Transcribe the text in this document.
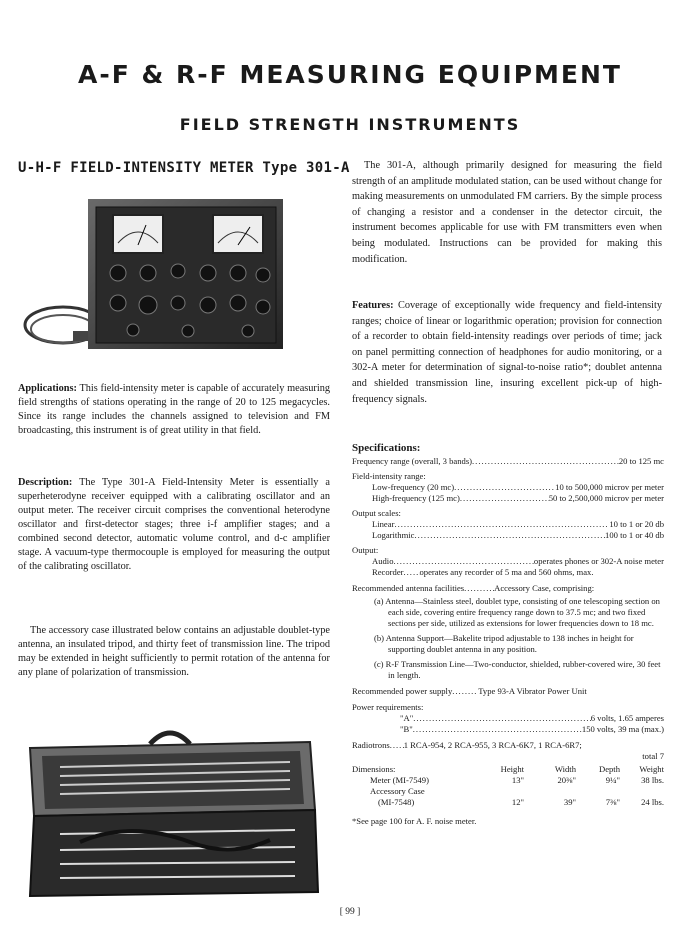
A-F & R-F MEASURING EQUIPMENT
FIELD STRENGTH INSTRUMENTS
U-H-F FIELD-INTENSITY METER Type 301-A

Applications: This field-intensity meter is capable of accurately measuring field strengths of stations operating in the range of 20 to 125 megacycles. Since its range includes the channels assigned to television and FM broadcasting, this instrument is of great utility in that field.

Description: The Type 301-A Field-Intensity Meter is essentially a superheterodyne receiver equipped with a calibrating oscillator and an output meter. The receiver circuit comprises the conventional heterodyne oscillator and first-detector stages; three i-f amplifier stages; and a combined second detector, automatic volume control, and d-c amplifier stage. A vacuum-type thermocouple is employed for measuring the output of the calibrating oscillator.

The accessory case illustrated below contains an adjustable doublet-type antenna, an insulated tripod, and thirty feet of transmission line. The tripod may be extended in height sufficiently to permit rotation of the antenna for any plane of polarization of transmission.

The 301-A, although primarily designed for measuring the field strength of an amplitude modulated station, can be used without change for making measurements on unmodulated FM carriers. By the simple process of changing a resistor and a condenser in the detector circuit, the instrument becomes applicable for use with FM transmitters even when being modulated. Instructions can be provided for making this modification.

Features: Coverage of exceptionally wide frequency and field-intensity ranges; choice of linear or logarithmic operation; provision for connection of a recorder to obtain field-intensity readings over periods of time; jack on panel permitting connection of headphones for audio monitoring, or a 302-A meter for determination of signal-to-noise ratio*; doublet antenna and shielded transmission line, insuring excellent pick-up of high-frequency signals.

Specifications:
Frequency range (overall, 3 bands) .....	20 to 125 mc
Field-intensity range:
Low-frequency (20 mc) .....	10 to 500,000 microv per meter
High-frequency (125 mc) .....	50 to 2,500,000 microv per meter
Output scales:
Linear .....	10 to 1 or 20 db
Logarithmic .....	100 to 1 or 40 db
Output:
Audio .....	operates phones or 302-A noise meter
Recorder ..... operates any recorder of 5 ma and 560 ohms, max.
Recommended antenna facilities .....	Accessory Case, comprising:
(a) Antenna—Stainless steel, doublet type, consisting of one telescoping section on each side, covering entire frequency range down to 37.5 mc; and two fixed sections per side, utilized as extensions for lower frequencies down to 18 mc.
(b) Antenna Support—Bakelite tripod adjustable to 138 inches in height for supporting doublet antenna in any position.
(c) R-F Transmission Line—Two-conductor, shielded, rubber-covered wire, 30 feet in length.
Recommended power supply .....	Type 93-A Vibrator Power Unit
Power requirements:
"A" .....	6 volts, 1.65 amperes
"B" .....	150 volts, 39 ma (max.)
Radiotrons ..... 1 RCA-954, 2 RCA-955, 3 RCA-6K7, 1 RCA-6R7;
total 7
Dimensions:	Height	Width	Depth	Weight
Meter (MI-7549)	13"	20⅜"	9¼"	38 lbs.
Accessory Case				
(MI-7548)	12"	39"	7⅜"	24 lbs.
*See page 100 for A. F. noise meter.
[ 99 ]
